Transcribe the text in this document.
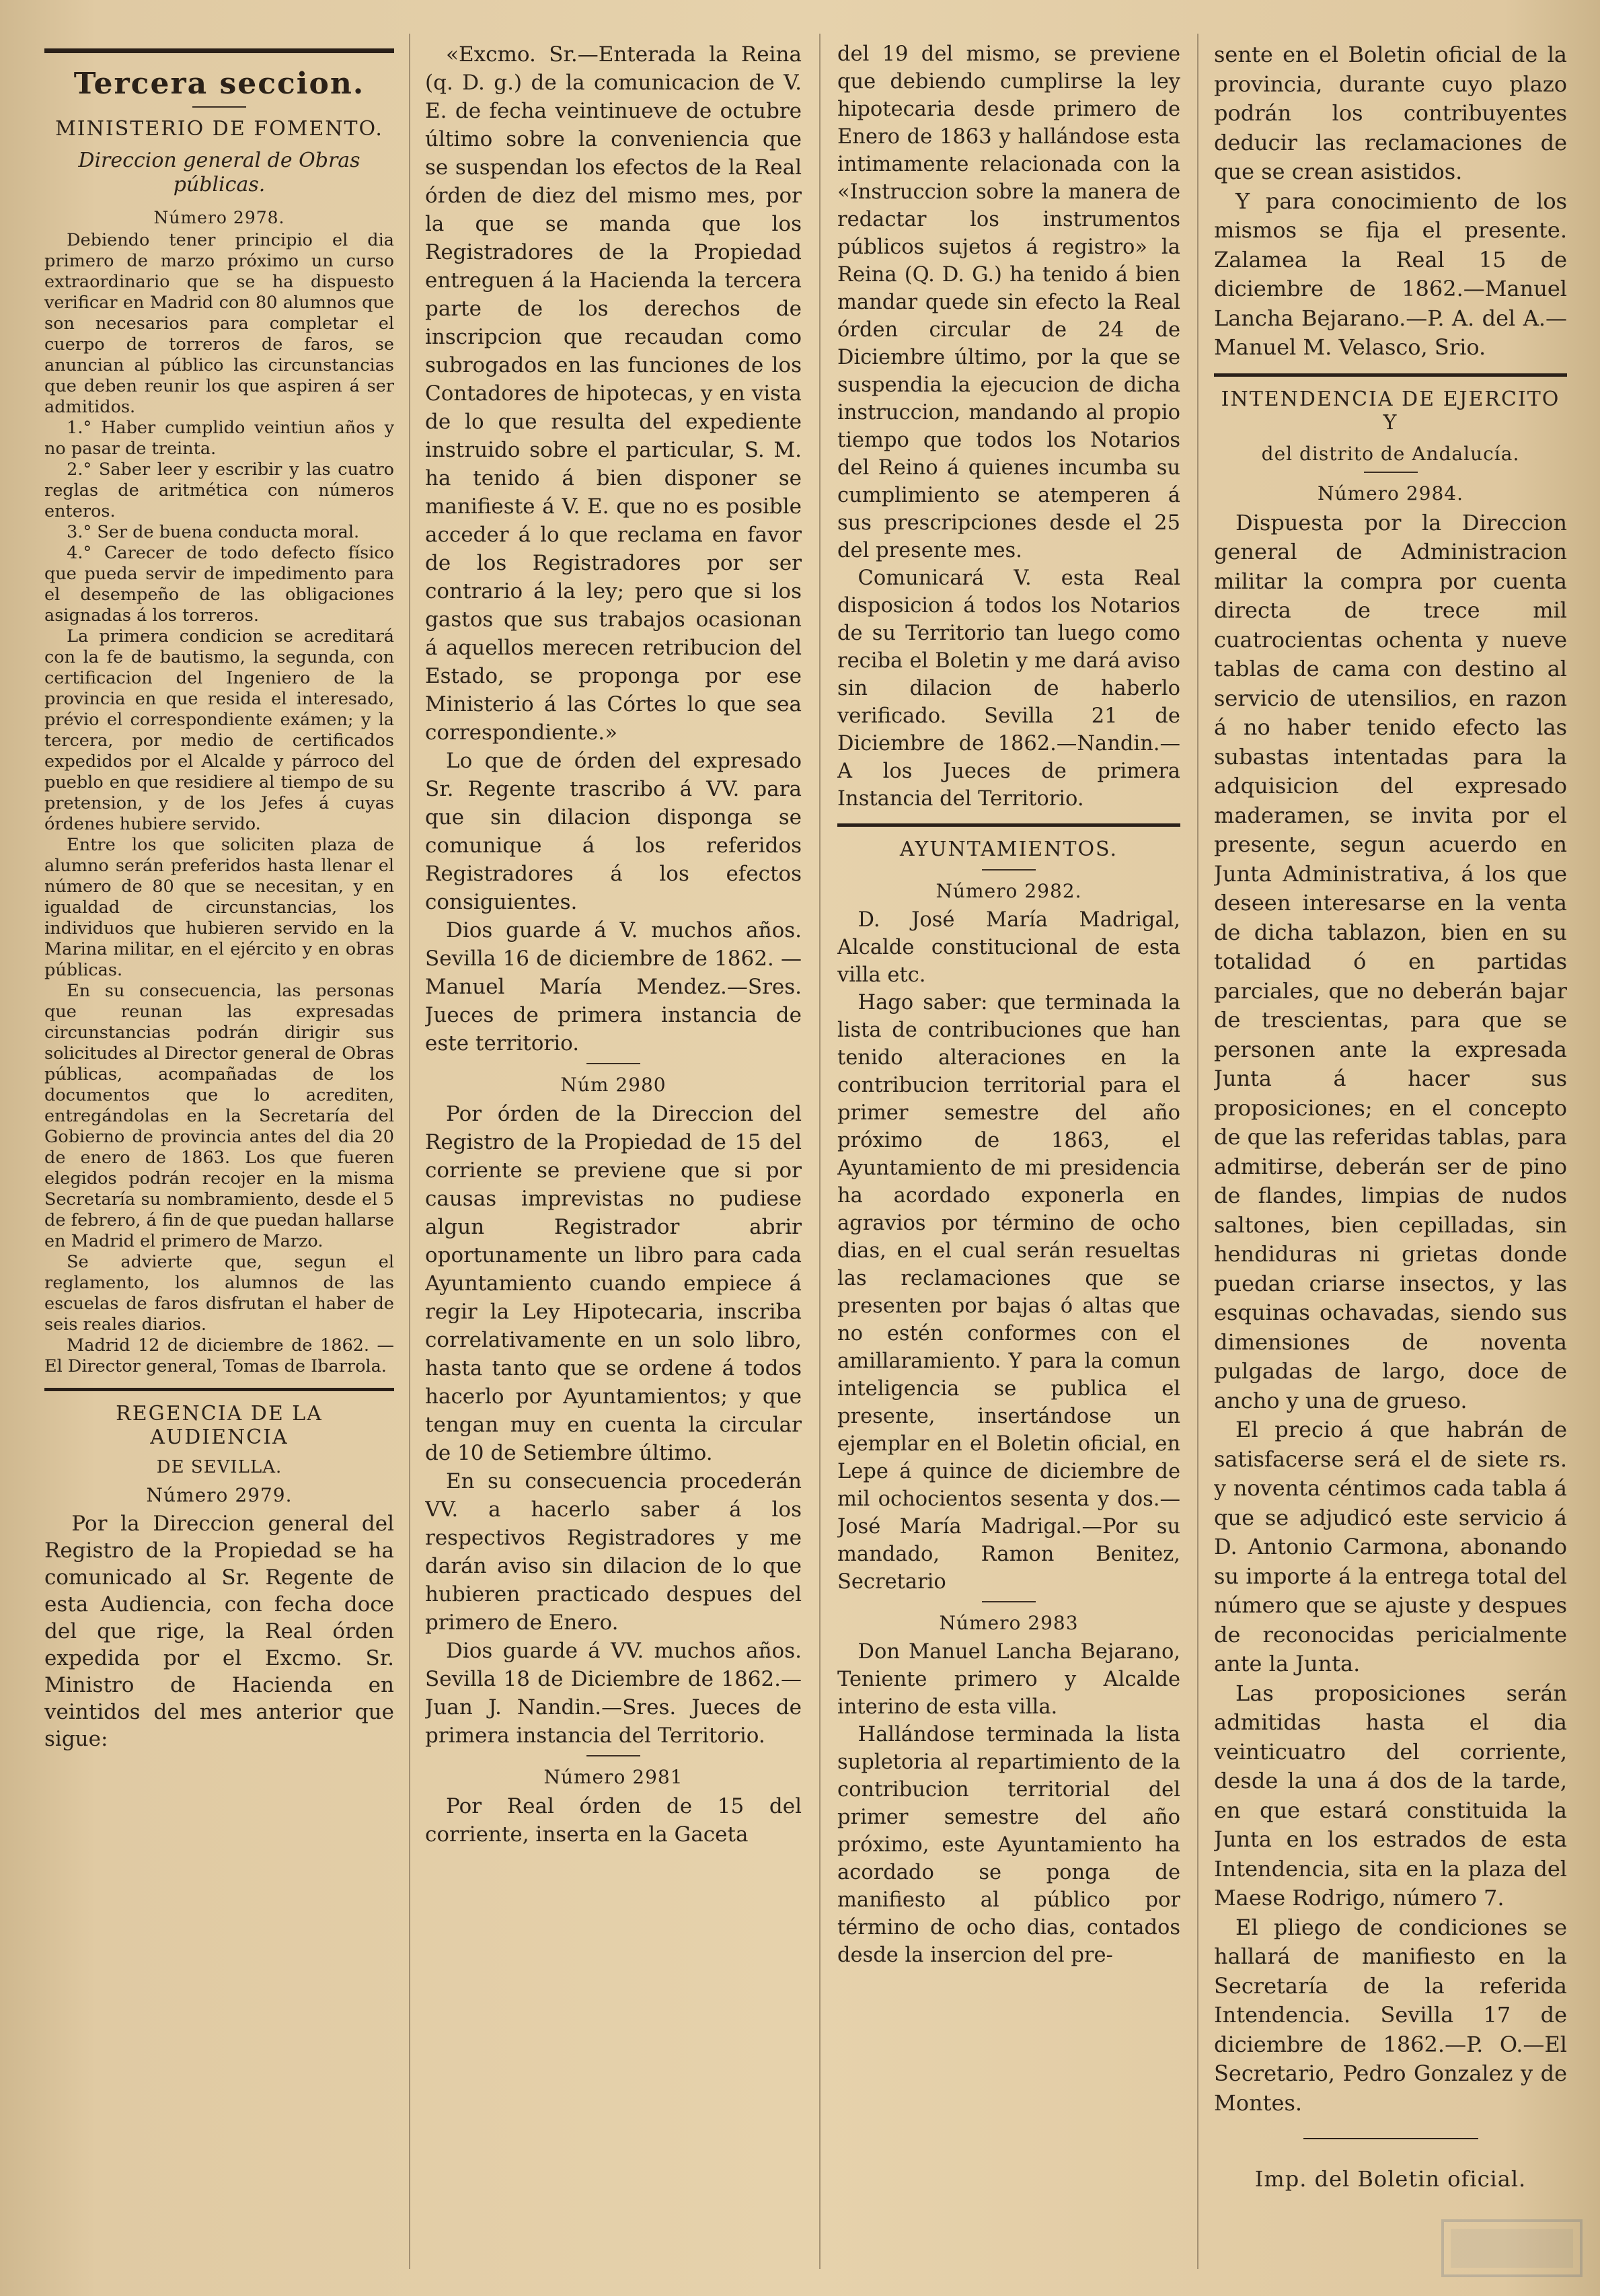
Tercera seccion.
MINISTERIO DE FOMENTO.
Direccion general de Obras públicas.
Número 2978.

Debiendo tener principio el dia primero de marzo próximo un curso extraordinario que se ha dispuesto verificar en Madrid con 80 alumnos que son necesarios para completar el cuerpo de torreros de faros, se anuncian al público las circunstancias que deben reunir los que aspiren á ser admitidos.

1.° Haber cumplido veintiun años y no pasar de treinta.

2.° Saber leer y escribir y las cuatro reglas de aritmética con números enteros.

3.° Ser de buena conducta moral.

4.° Carecer de todo defecto físico que pueda servir de impedimento para el desempeño de las obligaciones asignadas á los torreros.

La primera condicion se acreditará con la fe de bautismo, la segunda, con certificacion del Ingeniero de la provincia en que resida el interesado, prévio el correspondiente exámen; y la tercera, por medio de certificados expedidos por el Alcalde y párroco del pueblo en que residiere al tiempo de su pretension, y de los Jefes á cuyas órdenes hubiere servido.

Entre los que soliciten plaza de alumno serán preferidos hasta llenar el número de 80 que se necesitan, y en igualdad de circunstancias, los individuos que hubieren servido en la Marina militar, en el ejército y en obras públicas.

En su consecuencia, las personas que reunan las expresadas circunstancias podrán dirigir sus solicitudes al Director general de Obras públicas, acompañadas de los documentos que lo acrediten, entregándolas en la Secretaría del Gobierno de provincia antes del dia 20 de enero de 1863. Los que fueren elegidos podrán recojer en la misma Secretaría su nombramiento, desde el 5 de febrero, á fin de que puedan hallarse en Madrid el primero de Marzo.

Se advierte que, segun el reglamento, los alumnos de las escuelas de faros disfrutan el haber de seis reales diarios.

Madrid 12 de diciembre de 1862. —El Director general, Tomas de Ibarrola.

REGENCIA DE LA AUDIENCIA
DE SEVILLA.
Número 2979.

Por la Direccion general del Registro de la Propiedad se ha comunicado al Sr. Regente de esta Audiencia, con fecha doce del que rige, la Real órden expedida por el Excmo. Sr. Ministro de Hacienda en veintidos del mes anterior que sigue:

«Excmo. Sr.—Enterada la Reina (q. D. g.) de la comunicacion de V. E. de fecha veintinueve de octubre último sobre la conveniencia que se suspendan los efectos de la Real órden de diez del mismo mes, por la que se manda que los Registradores de la Propiedad entreguen á la Hacienda la tercera parte de los derechos de inscripcion que recaudan como subrogados en las funciones de los Contadores de hipotecas, y en vista de lo que resulta del expediente instruido sobre el particular, S. M. ha tenido á bien disponer se manifieste á V. E. que no es posible acceder á lo que reclama en favor de los Registradores por ser contrario á la ley; pero que si los gastos que sus trabajos ocasionan á aquellos merecen retribucion del Estado, se proponga por ese Ministerio á las Córtes lo que sea correspondiente.»

Lo que de órden del expresado Sr. Regente trascribo á VV. para que sin dilacion disponga se comunique á los referidos Registradores á los efectos consiguientes.

Dios guarde á V. muchos años. Sevilla 16 de diciembre de 1862. —Manuel María Mendez.—Sres. Jueces de primera instancia de este territorio.

Núm 2980

Por órden de la Direccion del Registro de la Propiedad de 15 del corriente se previene que si por causas imprevistas no pudiese algun Registrador abrir oportunamente un libro para cada Ayuntamiento cuando empiece á regir la Ley Hipotecaria, inscriba correlativamente en un solo libro, hasta tanto que se ordene á todos hacerlo por Ayuntamientos; y que tengan muy en cuenta la circular de 10 de Setiembre último.

En su consecuencia procederán VV. a hacerlo saber á los respectivos Registradores y me darán aviso sin dilacion de lo que hubieren practicado despues del primero de Enero.

Dios guarde á VV. muchos años. Sevilla 18 de Diciembre de 1862.—Juan J. Nandin.—Sres. Jueces de primera instancia del Territorio.

Número 2981

Por Real órden de 15 del corriente, inserta en la Gaceta

del 19 del mismo, se previene que debiendo cumplirse la ley hipotecaria desde primero de Enero de 1863 y hallándose esta intimamente relacionada con la «Instruccion sobre la manera de redactar los instrumentos públicos sujetos á registro» la Reina (Q. D. G.) ha tenido á bien mandar quede sin efecto la Real órden circular de 24 de Diciembre último, por la que se suspendia la ejecucion de dicha instruccion, mandando al propio tiempo que todos los Notarios del Reino á quienes incumba su cumplimiento se atemperen á sus prescripciones desde el 25 del presente mes.

Comunicará V. esta Real disposicion á todos los Notarios de su Territorio tan luego como reciba el Boletin y me dará aviso sin dilacion de haberlo verificado. Sevilla 21 de Diciembre de 1862.—Nandin.—A los Jueces de primera Instancia del Territorio.

AYUNTAMIENTOS.
Número 2982.

D. José María Madrigal, Alcalde constitucional de esta villa etc.

Hago saber: que terminada la lista de contribuciones que han tenido alteraciones en la contribucion territorial para el primer semestre del año próximo de 1863, el Ayuntamiento de mi presidencia ha acordado exponerla en agravios por término de ocho dias, en el cual serán resueltas las reclamaciones que se presenten por bajas ó altas que no estén conformes con el amillaramiento. Y para la comun inteligencia se publica el presente, insertándose un ejemplar en el Boletin oficial, en Lepe á quince de diciembre de mil ochocientos sesenta y dos.—José María Madrigal.—Por su mandado, Ramon Benitez, Secretario

Número 2983

Don Manuel Lancha Bejarano, Teniente primero y Alcalde interino de esta villa.

Hallándose terminada la lista supletoria al repartimiento de la contribucion territorial del primer semestre del año próximo, este Ayuntamiento ha acordado se ponga de manifiesto al público por término de ocho dias, contados desde la insercion del pre-

sente en el Boletin oficial de la provincia, durante cuyo plazo podrán los contribuyentes deducir las reclamaciones de que se crean asistidos.

Y para conocimiento de los mismos se fija el presente. Zalamea la Real 15 de diciembre de 1862.—Manuel Lancha Bejarano.—P. A. del A.—Manuel M. Velasco, Srio.

INTENDENCIA DE EJERCITO Y
del distrito de Andalucía.
Número 2984.

Dispuesta por la Direccion general de Administracion militar la compra por cuenta directa de trece mil cuatrocientas ochenta y nueve tablas de cama con destino al servicio de utensilios, en razon á no haber tenido efecto las subastas intentadas para la adquisicion del expresado maderamen, se invita por el presente, segun acuerdo en Junta Administrativa, á los que deseen interesarse en la venta de dicha tablazon, bien en su totalidad ó en partidas parciales, que no deberán bajar de trescientas, para que se personen ante la expresada Junta á hacer sus proposiciones; en el concepto de que las referidas tablas, para admitirse, deberán ser de pino de flandes, limpias de nudos saltones, bien cepilladas, sin hendiduras ni grietas donde puedan criarse insectos, y las esquinas ochavadas, siendo sus dimensiones de noventa pulgadas de largo, doce de ancho y una de grueso.

El precio á que habrán de satisfacerse será el de siete rs. y noventa céntimos cada tabla á que se adjudicó este servicio á D. Antonio Carmona, abonando su importe á la entrega total del número que se ajuste y despues de reconocidas pericialmente ante la Junta.

Las proposiciones serán admitidas hasta el dia veinticuatro del corriente, desde la una á dos de la tarde, en que estará constituida la Junta en los estrados de esta Intendencia, sita en la plaza del Maese Rodrigo, número 7.

El pliego de condiciones se hallará de manifiesto en la Secretaría de la referida Intendencia. Sevilla 17 de diciembre de 1862.—P. O.—El Secretario, Pedro Gonzalez y de Montes.

Imp. del Boletin oficial.
